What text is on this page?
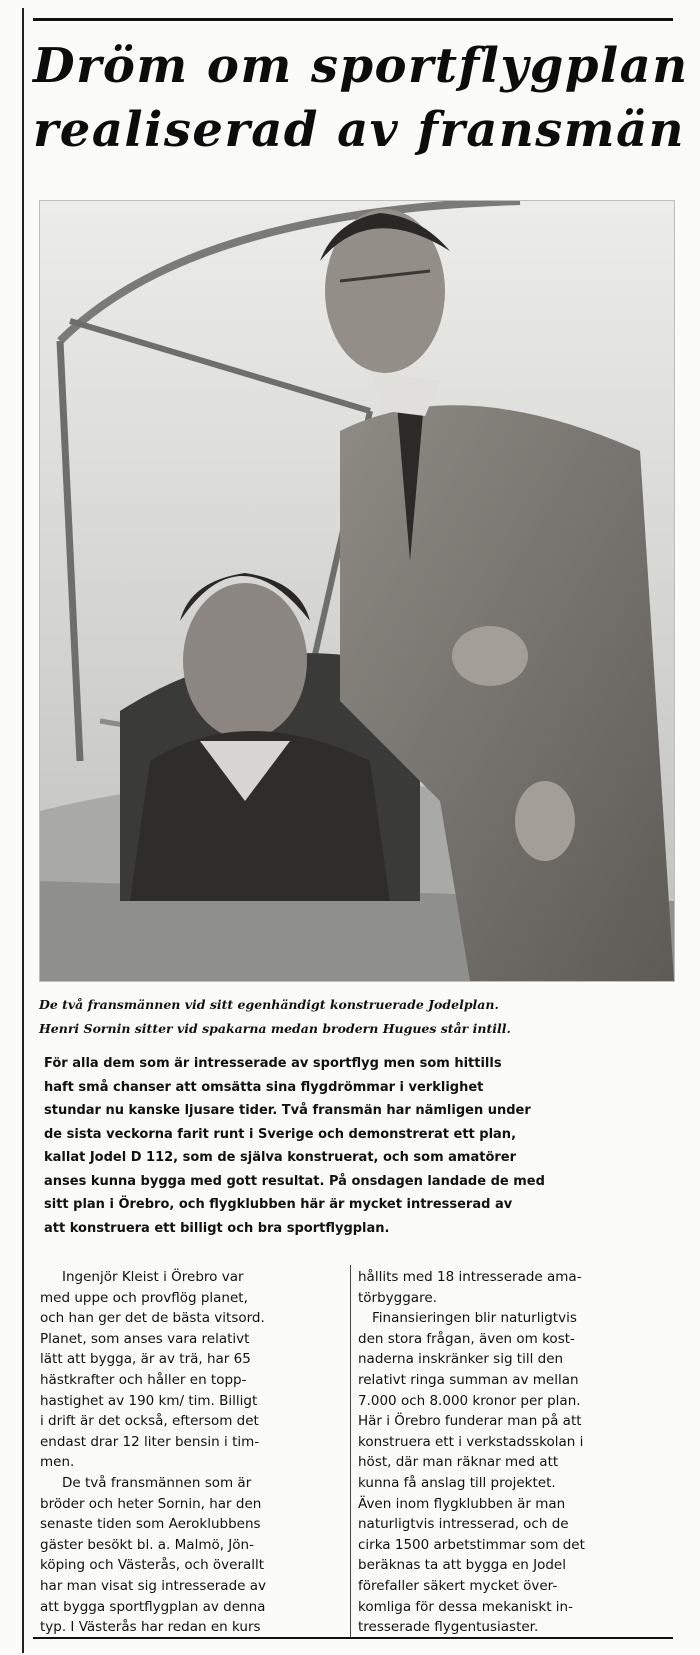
Dröm om sportflygplan
realiserad av fransmän

De två fransmännen vid sitt egenhändigt konstruerade Jodelplan.
Henri Sornin sitter vid spakarna medan brodern Hugues står intill.

För alla dem som är intresserade av sportflyg men som hittills
haft små chanser att omsätta sina flygdrömmar i verklighet
stundar nu kanske ljusare tider. Två fransmän har nämligen under
de sista veckorna farit runt i Sverige och demonstrerat ett plan,
kallat Jodel D 112, som de själva konstruerat, och som amatörer
anses kunna bygga med gott resultat. På onsdagen landade de med
sitt plan i Örebro, och flygklubben här är mycket intresserad av
att konstruera ett billigt och bra sportflygplan.

Ingenjör Kleist i Örebro var
med uppe och provflög planet,
och han ger det de bästa vitsord.
Planet, som anses vara relativt
lätt att bygga, är av trä, har 65
hästkrafter och håller en topp-
hastighet av 190 km/ tim. Billigt
i drift är det också, eftersom det
endast drar 12 liter bensin i tim-
men.
De två fransmännen som är
bröder och heter Sornin, har den
senaste tiden som Aeroklubbens
gäster besökt bl. a. Malmö, Jön-
köping och Västerås, och överallt
har man visat sig intresserade av
att bygga sportflygplan av denna
typ. I Västerås har redan en kurs

hållits med 18 intresserade ama-
törbyggare.
Finansieringen blir naturligtvis
den stora frågan, även om kost-
naderna inskränker sig till den
relativt ringa summan av mellan
7.000 och 8.000 kronor per plan.
Här i Örebro funderar man på att
konstruera ett i verkstadsskolan i
höst, där man räknar med att
kunna få anslag till projektet.
Även inom flygklubben är man
naturligtvis intresserad, och de
cirka 1500 arbetstimmar som det
beräknas ta att bygga en Jodel
förefaller säkert mycket över-
komliga för dessa mekaniskt in-
tresserade flygentusiaster.
